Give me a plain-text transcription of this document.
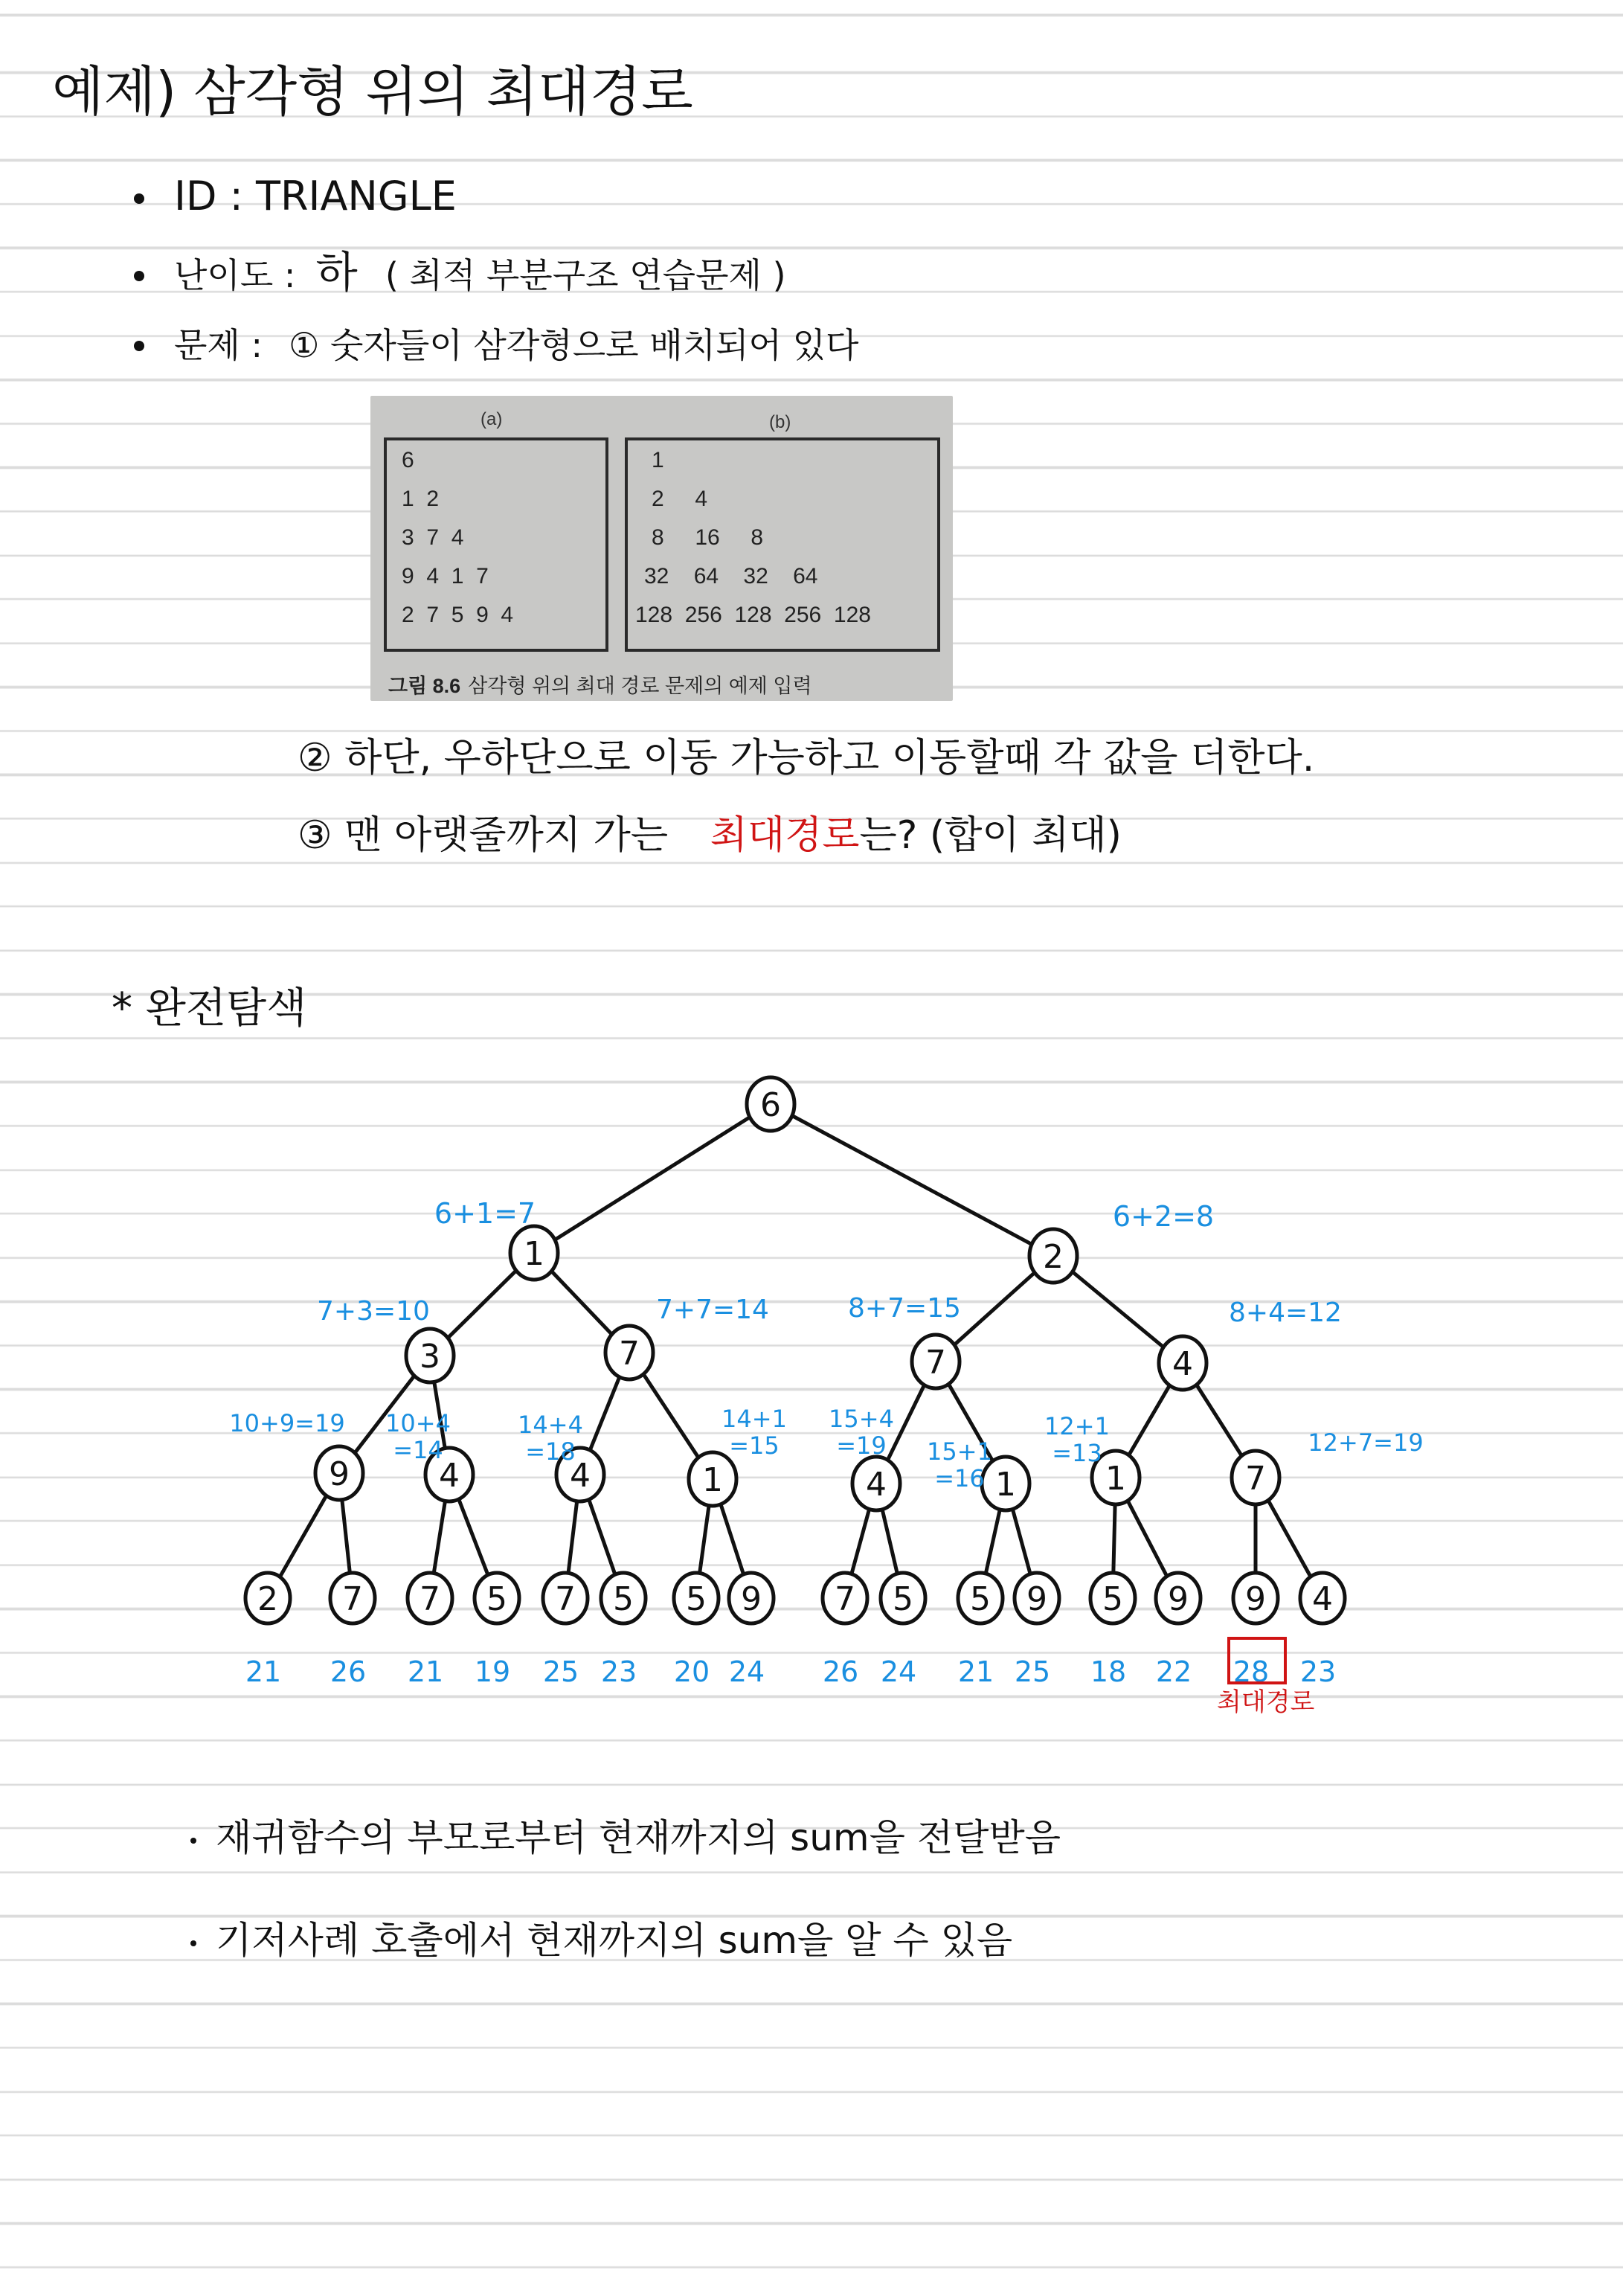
예제) 삼각형 위의 최대경로
ID : TRIANGLE
난이도 : 하 ( 최적 부분구조 연습문제 )
문제 : ① 숫자들이 삼각형으로 배치되어 있다
(a)	(b)
6
1  2
3  7  4
9  4  1  7
2  7  5  9  4
1
2     4
8     16     8
32    64    32    64
128  256  128  256  128
그림 8.6 삼각형 위의 최대 경로 문제의 예제 입력
② 하단, 우하단으로 이동 가능하고 이동할때 각 값을 더한다.
③ 맨 아랫줄까지 가는 최대경로는? (합이 최대)
* 완전탐색
6
1	2
3	7	7	4
9	4	4	1	4	1	1	7
2 7 7 5 7 5 5 9 7 5 5 9 5 9 9 4
6+1=7	6+2=8
7+3=10	7+7=14	8+7=15	8+4=12
10+9=19 10+4	14+4	14+1 15+4
15+1
12+1
12+7=19
=14	=18	=15 =19
=16
=13
21 26 21 19 25 23 20 24 26 24 21 25 18 22 28 23
최대경로
재귀함수의 부모로부터 현재까지의 sum을 전달받음
기저사례 호출에서 현재까지의 sum을 알 수 있음
